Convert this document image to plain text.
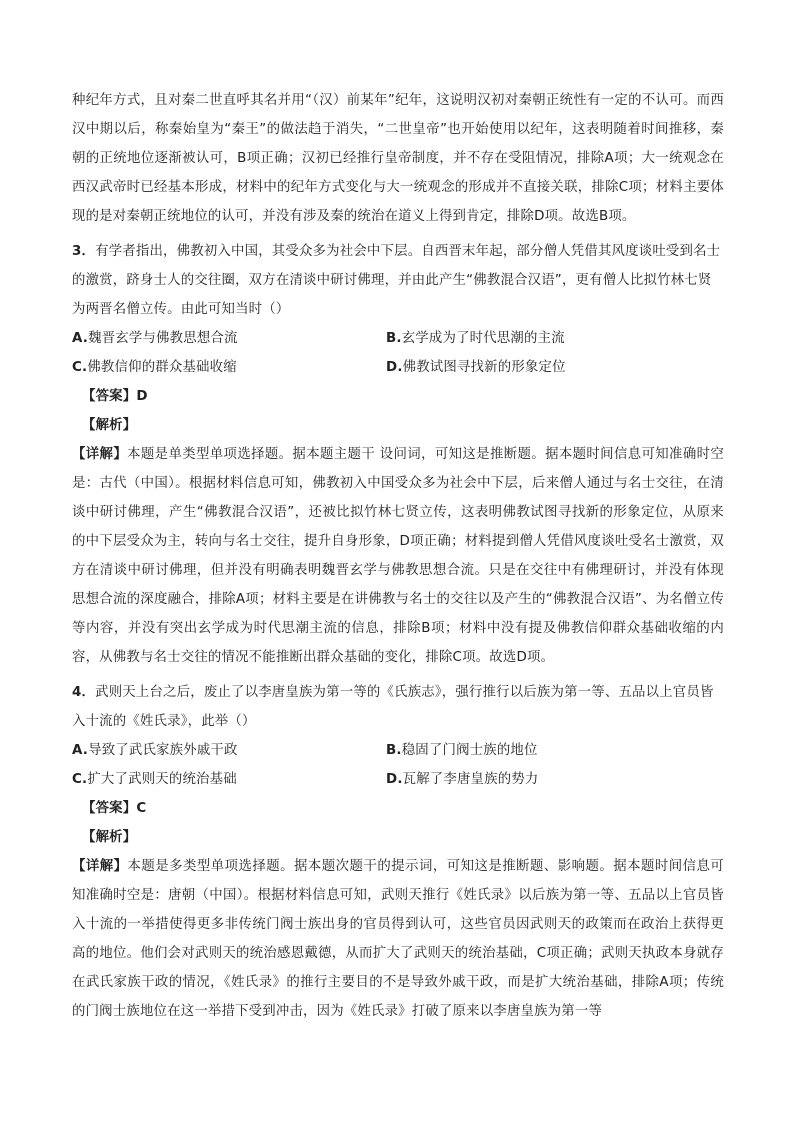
种纪年方式，且对秦二世直呼其名并用“（汉）前某年”纪年，这说明汉初对秦朝正统性有一定的不认可。而西汉中期以后，称秦始皇为“秦王”的做法趋于消失，“二世皇帝”也开始使用以纪年，这表明随着时间推移，秦朝的正统地位逐渐被认可，B项正确；汉初已经推行皇帝制度，并不存在受阻情况，排除A项；大一统观念在西汉武帝时已经基本形成，材料中的纪年方式变化与大一统观念的形成并不直接关联，排除C项；材料主要体现的是对秦朝正统地位的认可，并没有涉及秦的统治在道义上得到肯定，排除D项。故选B项。

3．有学者指出，佛教初入中国，其受众多为社会中下层。自西晋末年起，部分僧人凭借其风度谈吐受到名士的激赏，跻身士人的交往圈，双方在清谈中研讨佛理，并由此产生“佛教混合汉语”，更有僧人比拟竹林七贤为两晋名僧立传。由此可知当时（）

A.魏晋玄学与佛教思想合流	B.玄学成为了时代思潮的主流
C.佛教信仰的群众基础收缩	D.佛教试图寻找新的形象定位

【答案】D

【解析】

【详解】本题是单类型单项选择题。据本题主题干 设问词，可知这是推断题。据本题时间信息可知准确时空是：古代（中国）。根据材料信息可知，佛教初入中国受众多为社会中下层，后来僧人通过与名士交往，在清谈中研讨佛理，产生“佛教混合汉语”，还被比拟竹林七贤立传，这表明佛教试图寻找新的形象定位，从原来的中下层受众为主，转向与名士交往，提升自身形象，D项正确；材料提到僧人凭借风度谈吐受名士激赏，双方在清谈中研讨佛理，但并没有明确表明魏晋玄学与佛教思想合流。只是在交往中有佛理研讨，并没有体现思想合流的深度融合，排除A项；材料主要是在讲佛教与名士的交往以及产生的“佛教混合汉语”、为名僧立传等内容，并没有突出玄学成为时代思潮主流的信息，排除B项；材料中没有提及佛教信仰群众基础收缩的内容，从佛教与名士交往的情况不能推断出群众基础的变化，排除C项。故选D项。

4．武则天上台之后，废止了以李唐皇族为第一等的《氏族志》，强行推行以后族为第一等、五品以上官员皆入十流的《姓氏录》，此举（）

A.导致了武氏家族外戚干政	B.稳固了门阀士族的地位
C.扩大了武则天的统治基础	D.瓦解了李唐皇族的势力

【答案】C

【解析】

【详解】本题是多类型单项选择题。据本题次题干的提示词，可知这是推断题、影响题。据本题时间信息可知准确时空是：唐朝（中国）。根据材料信息可知，武则天推行《姓氏录》以后族为第一等、五品以上官员皆入十流的一举措使得更多非传统门阀士族出身的官员得到认可，这些官员因武则天的政策而在政治上获得更高的地位。他们会对武则天的统治感恩戴德，从而扩大了武则天的统治基础，C项正确；武则天执政本身就存在武氏家族干政的情况，《姓氏录》的推行主要目的不是导致外戚干政，而是扩大统治基础，排除A项；传统的门阀士族地位在这一举措下受到冲击，因为《姓氏录》打破了原来以李唐皇族为第一等
